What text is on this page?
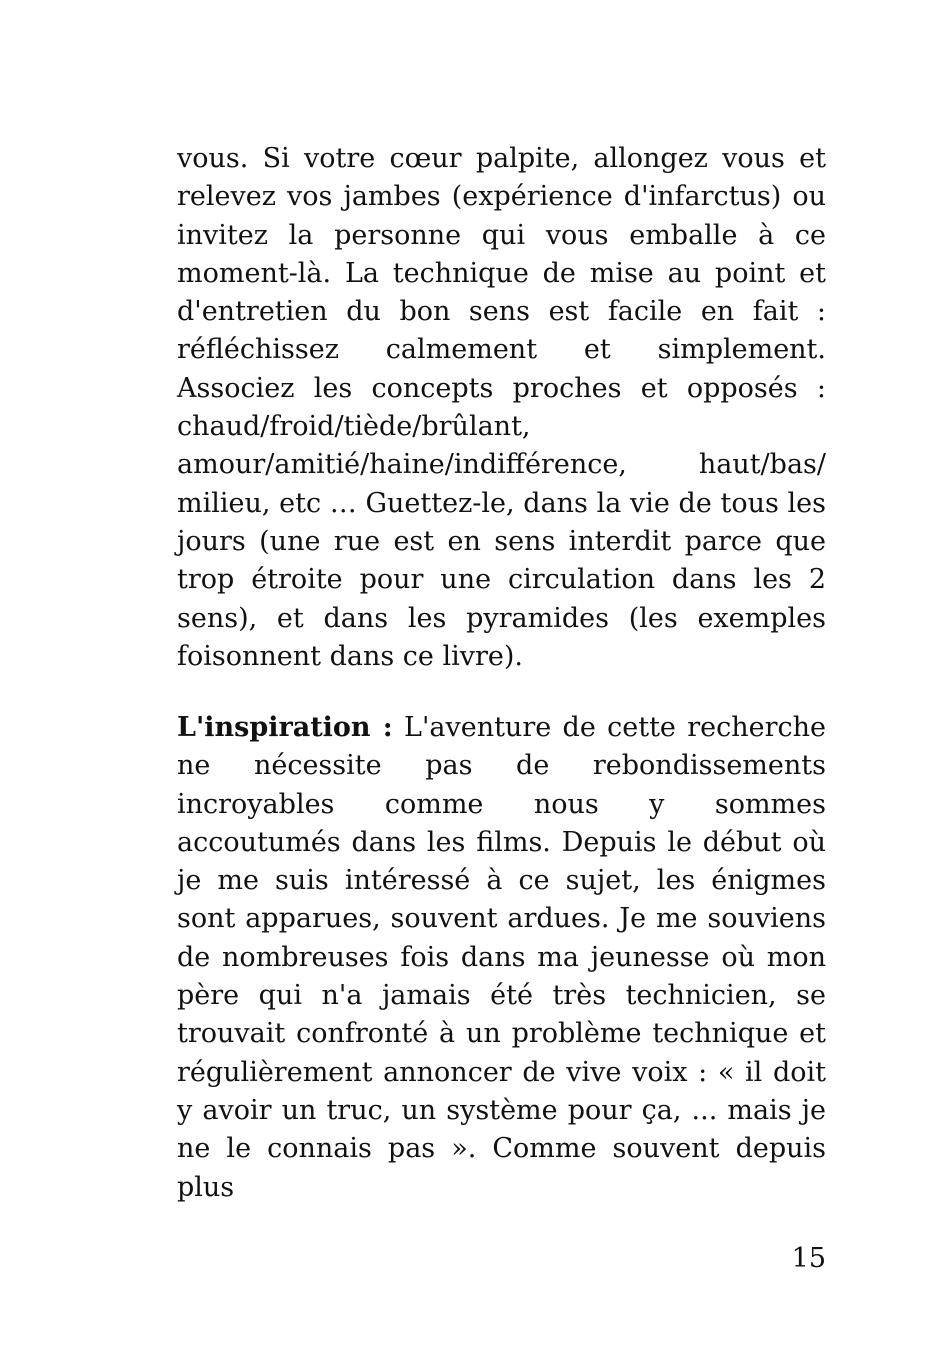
vous. Si votre cœur palpite, allongez vous et relevez vos jambes (expérience d'infarctus) ou invitez la personne qui vous emballe à ce moment-là. La technique de mise au point et d'entretien du bon sens est facile en fait : réfléchissez calmement et simplement. Associez les concepts proches et opposés : chaud/froid/tiède/brûlant, amour/amitié/haine/indifférence, haut/bas/ milieu, etc … Guettez-le, dans la vie de tous les jours (une rue est en sens interdit parce que trop étroite pour une circulation dans les 2 sens), et dans les pyramides (les exemples foisonnent dans ce livre).

L'inspiration : L'aventure de cette recherche ne nécessite pas de rebondissements incroyables comme nous y sommes accoutumés dans les films. Depuis le début où je me suis intéressé à ce sujet, les énigmes sont apparues, souvent ardues. Je me souviens de nombreuses fois dans ma jeunesse où mon père qui n'a jamais été très technicien, se trouvait confronté à un problème technique et régulièrement annoncer de vive voix : « il doit y avoir un truc, un système pour ça, ... mais je ne le connais pas ». Comme souvent depuis plus

15
